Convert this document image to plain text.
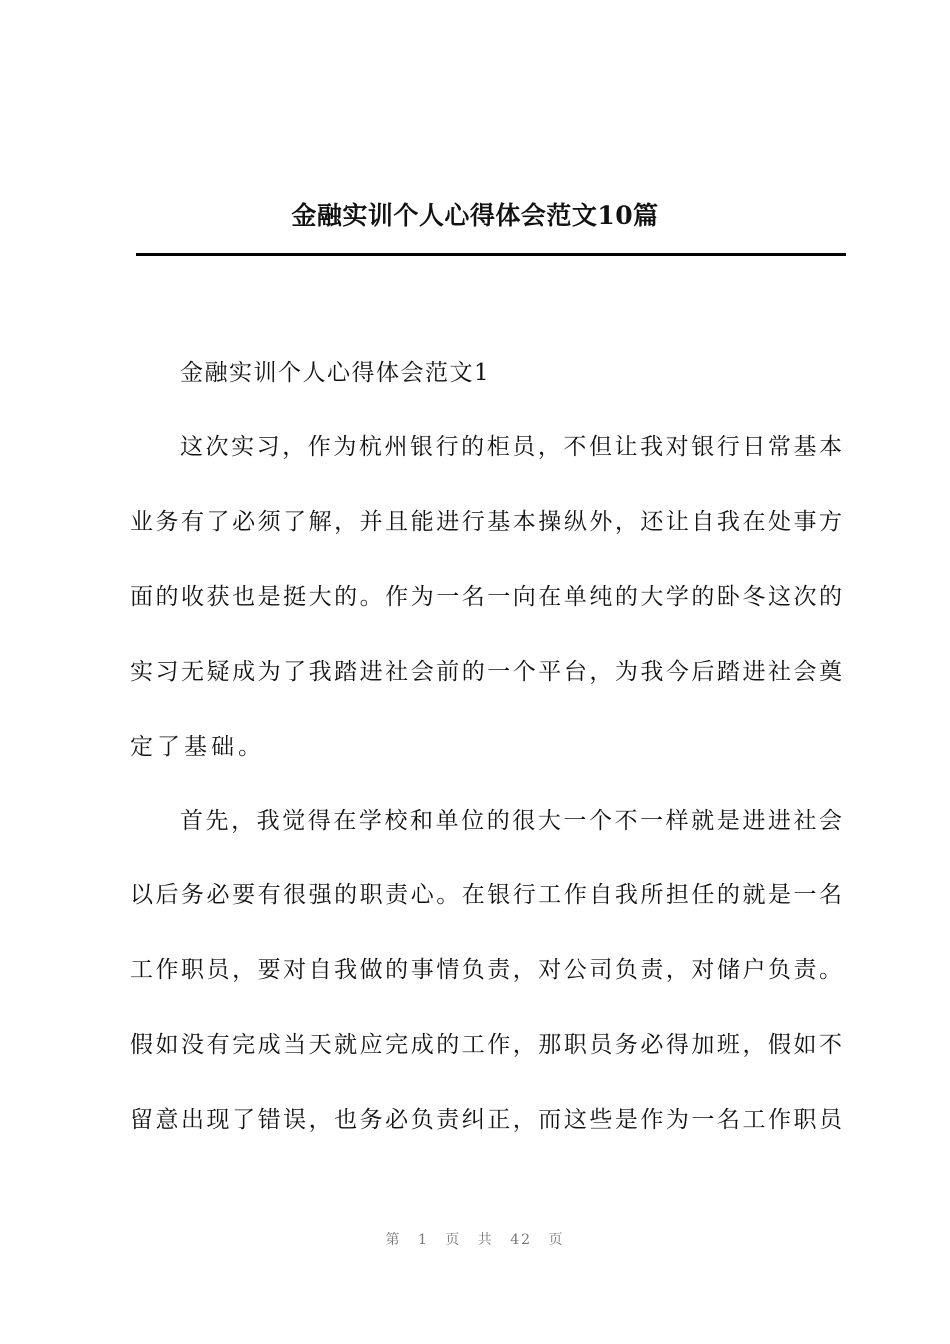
金融实训个人心得体会范文10篇
金融实训个人心得体会范文1
这次实习，作为杭州银行的柜员，不但让我对银行日常基本
业务有了必须了解，并且能进行基本操纵外，还让自我在处事方
面的收获也是挺大的。作为一名一向在单纯的大学的卧冬这次的
实习无疑成为了我踏进社会前的一个平台，为我今后踏进社会奠
定了基础。
首先，我觉得在学校和单位的很大一个不一样就是进进社会
以后务必要有很强的职责心。在银行工作自我所担任的就是一名
工作职员，要对自我做的事情负责，对公司负责，对储户负责。
假如没有完成当天就应完成的工作，那职员务必得加班，假如不
留意出现了错误，也务必负责纠正，而这些是作为一名工作职员
第 1 页 共 42 页
